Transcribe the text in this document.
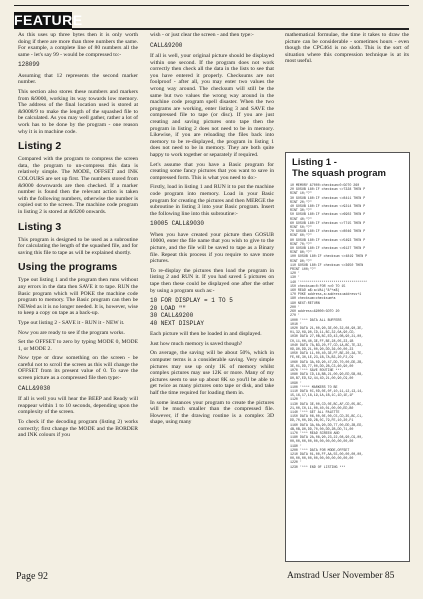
FEATURE

As this uses up three bytes then it is only worth doing if there are more than three numbers the same. For example, a complete line of 80 numbers all the same - let's say 99 - would be compressed to:-

128099

Assuming that 12 represents the second marker number.

This section also stores these numbers and markers from &9000, working its way towards low memory. The address of the final location used is stored at &9008/9 to make the length of the squashed file to be calculated. As you may well gather, rather a lot of work has to be done by the program - one reason why it is in machine code.

Listing 2

Compared with the program to compress the screen data, the program to un-compress this data is relatively simple. The MODE, OFFSET and INK COLOURS are set up first. The numbers stored from &9000 downwards are then checked. If a marker number is found then the relevant action is taken with the following numbers, otherwise the number is copied out to the screen. The machine code program in listing 2 is stored at &9200 onwards.

Listing 3

This program is designed to be used as a subroutine for calculating the length of the squashed file, and for saving this file to tape as will be explained shortly.

Using the programs

Type out listing 1 and the program then runs without any errors in the data then SAVE it to tape. RUN the Basic program which will POKE the machine code program to memory. The Basic program can then be NEWed as it is no longer needed. It is, however, wise to keep a copy on tape as a back-up.

Type out listing 2 - SAVE it - RUN it - NEW it.

Now you are ready to see if the program works.

Set the OFFSET to zero by typing MODE 0, MODE 1, or MODE 2.

Now type or draw something on the screen - be careful not to scroll the screen as this will change the OFFSET from its present value of 0. To save the screen picture as a compressed file then type:-

CALL&9030

If all is well you will hear the BEEP and Ready will reappear within 1 to 10 seconds, depending upon the complexity of the screen.

To check if the decoding program (listing 2) works correctly; first change the MODE and the BORDER and INK colours if you

wish - or just clear the screen - and then type:-

CALL&9200

If all is well, your original picture should be displayed within one second. If the program does not work correctly then check all the data in the lists to see that you have entered it properly. Checksums are not foolproof - after all, you may enter two values the wrong way around. The checksum will still be the same but two values the wrong way around in the machine code program spell disaster. When the two programs are working, enter listing 3 and SAVE the compressed file to tape (or disc). If you are just creating and saving pictures onto tape then the program in listing 2 does not need to be in memory. Likewise, if you are reloading the files back into memory to be re-displayed, the program in listing 1 does not need to be in memory. They are both quite happy to work together or separately if required.

Let's assume that you have a Basic program for creating some fancy pictures that you want to save in compressed form. This is what you need to do:-

Firstly, load in listing 1 and RUN it to put the machine code program into memory. Load in your Basic program for creating the pictures and then MERGE the subroutine in listing 3 into your Basic program. Insert the following line into this subroutine:-

10005 CALL&9030

When you have created your picture then GOSUB 10000, enter the file name that you wish to give to the picture, and the file will be saved to tape as a Binary file. Repeat this process if you require to save more pictures.

To re-display the pictures then load the program in listing 2 and RUN it. If you had saved 5 pictures on tape then these could be displayed one after the other by using a program such as:-

10 FOR DISPLAY = 1 TO 5
20 LOAD ""
30 CALL&9200
40 NEXT DISPLAY

Each picture will then be loaded in and displayed.

Just how much memory is saved though?

On average, the saving will be about 50%, which in computer terms is a considerable saving. Very simple pictures may use up only 1K of memory whilst complex pictures may use 12K or more. Many of my pictures seem to use up about 8K so you'll be able to get twice as many pictures onto tape or disk, and take half the time required for loading them in.

In some instances your program to create the pictures will be much smaller than the compressed file. However, if the drawing routine is a complex 3D shape, using many

mathematical formulae, the time it takes to draw the picture can be considerable - sometimes hours - even though the CPC464 is no sloth. This is the sort of situation where this compression technique is at its most useful.

Listing 1 -
The squash program
10 MEMORY &7000:checksum=0:GOTO 260
20 GOSUB 180:IF checksum <>7328 THEN P
RINT 10;"?"
30 GOSUB 180:IF checksum <>8411 THEN P
RINT 20;"?"
40 GOSUB 180:IF checksum <>9214 THEN P
RINT 30;"?"
50 GOSUB 180:IF checksum <>6902 THEN P
RINT 40;"?"
60 GOSUB 180:IF checksum <>7715 THEN P
RINT 50;"?"
70 GOSUB 180:IF checksum <>8046 THEN P
RINT 60;"?"
80 GOSUB 180:IF checksum <>5493 THEN P
RINT 70;"?"
90 GOSUB 180:IF checksum <>6127 THEN P
RINT 80;"?"
100 GOSUB 180:IF checksum <>4819 THEN P
RINT 90;"?"
110 GOSUB 180:IF checksum <>3650 THEN
PRINT 100;"?"
120 '
130 '
140 '**********************************
150 checksum=0:FOR n=0 TO 15
160 READ a$:a=VAL("&"+a$)
170 POKE address,a:address=address+1
180 checksum=checksum+a
190 NEXT:RETURN
200 '
260 address=&9000:GOTO 20
270 '
1000 '*** DATA ALL BUFFERS
1010 '
1020 DATA 21,00,90,3E,00,32,08,90,3E,
01,32,09,90,CD,11,BC,32,0A,90,CD,
1030 DATA 27,0B,BC,ED,43,0B,90,21,00,
C0,11,00,40,3E,FF,BE,28,05,23,1B
1040 DATA 7A,B3,20,F7,CD,1A,BC,7E,32,
0D,90,DD,21,00,90,DD,36,00,00,23
1050 DATA 11,00,40,3E,FF,BE,20,2A,7E,
FE,0E,30,1E,23,1B,7A,B3,20,F2,C9
1060 DATA 3A,0D,90,47,DD,70,00,DD,2B,
3E,01,DD,77,00,DD,2B,C3,60,90,00
1070 '*** SAVE ROUTINE ***
1080 DATA CD,18,BB,21,00,90,ED,5B,08,
90,B7,ED,52,44,4D,21,00,90,C9,00
1090 '
1100 '**** MARKERS TO BE
1110 DATA 0C,0D,0E,0F,10,11,12,13,14,
15,16,17,18,19,1A,1B,1C,1D,1E,1F
1120 '
1130 DATA 3E,00,CD,0E,BC,AF,CD,05,BC,
21,00,C0,11,00,40,01,00,00,ED,B0
1140 '*** GET ALL PALETTE
1150 DATA 06,00,0E,00,C5,CD,35,BC,C1,
DD,70,00,DD,2B,0C,79,FE,10,20,F1
1160 DATA 3A,0A,90,DD,77,00,DD,2B,ED,
4B,0B,90,DD,70,00,DD,2B,DD,71,00
1170 '*** READ SCREEN AND
1180 DATA 2A,08,90,23,22,08,90,C9,00,
00,00,00,00,00,00,00,00,00,00,00
1190 '
1200 '*** DATA FOR MODE,OFFSET
1210 DATA 01,00,FF,AA,55,00,00,00,00,
00,00,00,00,00,00,00,00,00,00,00
1220 '
1230 '*** END OF LISTING ***
Page 92	Amstrad User November 85
